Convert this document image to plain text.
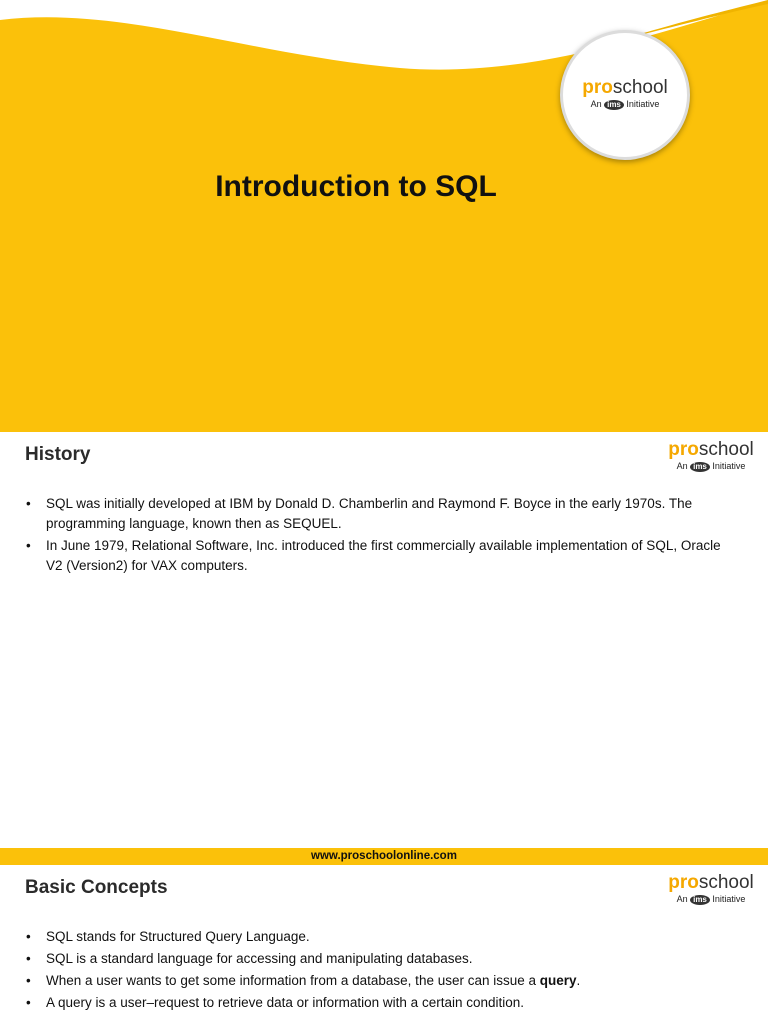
proschool
An ims Initiative
Introduction to SQL
History	proschool
An ims Initiative
• SQL was initially developed at IBM by Donald D. Chamberlin and Raymond F. Boyce in the early 1970s. The programming language, known then as SEQUEL.
• In June 1979, Relational Software, Inc. introduced the first commercially available implementation of SQL, Oracle V2 (Version2) for VAX computers.
www.proschoolonline.com
Basic Concepts	proschool
An ims Initiative
• SQL stands for Structured Query Language.
• SQL is a standard language for accessing and manipulating databases.
• When a user wants to get some information from a database, the user can issue a query.
• A query is a user–request to retrieve data or information with a certain condition.
